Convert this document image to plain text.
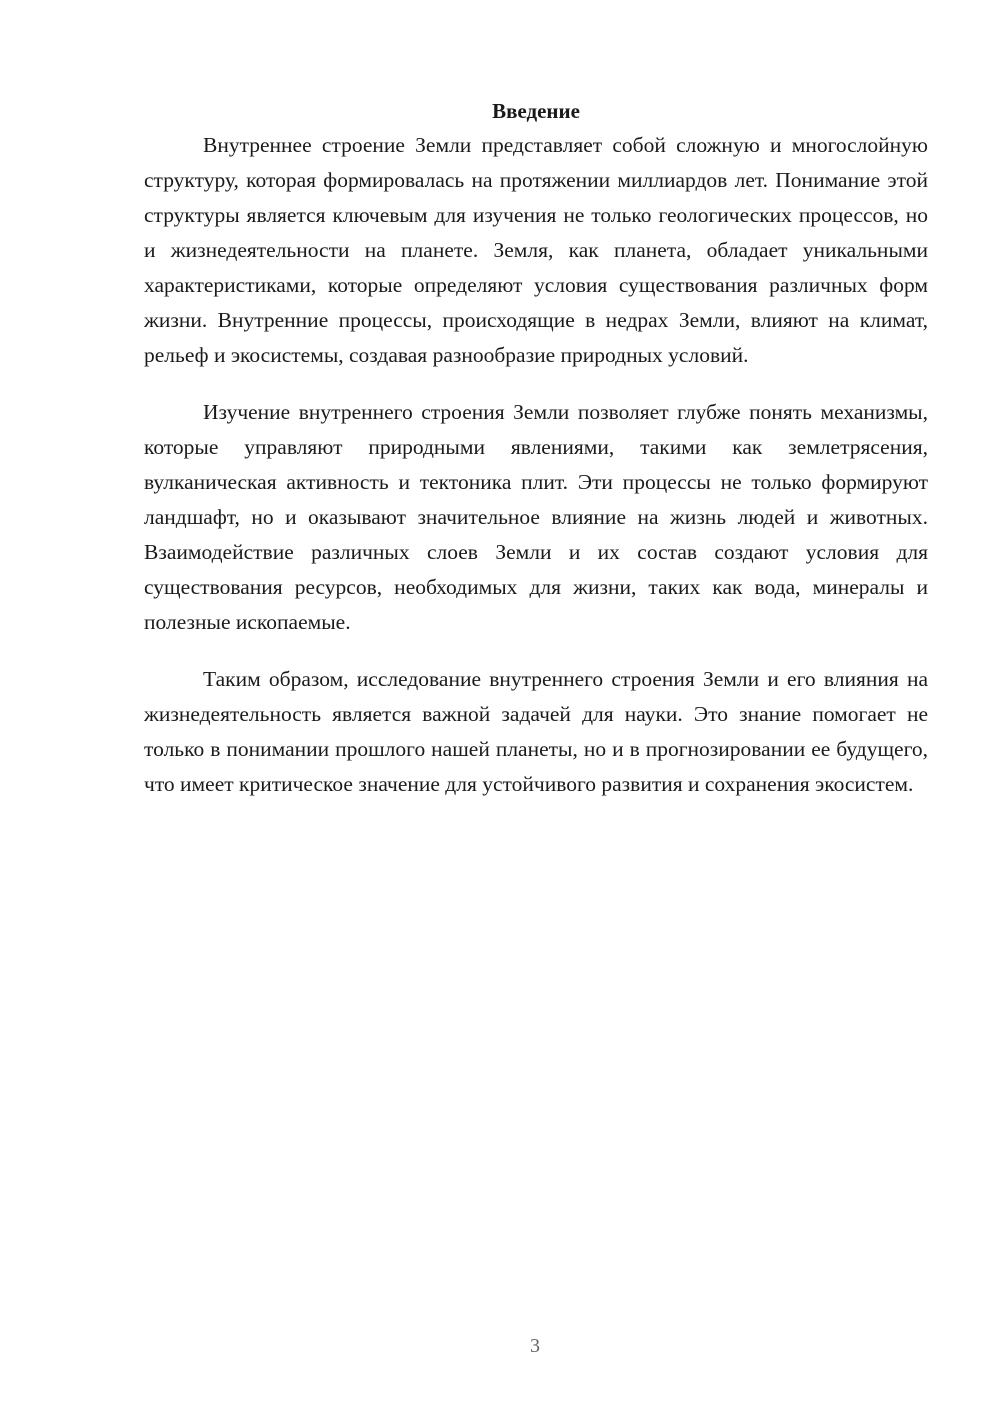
Введение

Внутреннее строение Земли представляет собой сложную и многослойную структуру, которая формировалась на протяжении миллиардов лет. Понимание этой структуры является ключевым для изучения не только геологических процессов, но и жизнедеятельности на планете. Земля, как планета, обладает уникальными характеристиками, которые определяют условия существования различных форм жизни. Внутренние процессы, происходящие в недрах Земли, влияют на климат, рельеф и экосистемы, создавая разнообразие природных условий.

Изучение внутреннего строения Земли позволяет глубже понять механизмы, которые управляют природными явлениями, такими как землетрясения, вулканическая активность и тектоника плит. Эти процессы не только формируют ландшафт, но и оказывают значительное влияние на жизнь людей и животных. Взаимодействие различных слоев Земли и их состав создают условия для существования ресурсов, необходимых для жизни, таких как вода, минералы и полезные ископаемые.

Таким образом, исследование внутреннего строения Земли и его влияния на жизнедеятельность является важной задачей для науки. Это знание помогает не только в понимании прошлого нашей планеты, но и в прогнозировании ее будущего, что имеет критическое значение для устойчивого развития и сохранения экосистем.

3
